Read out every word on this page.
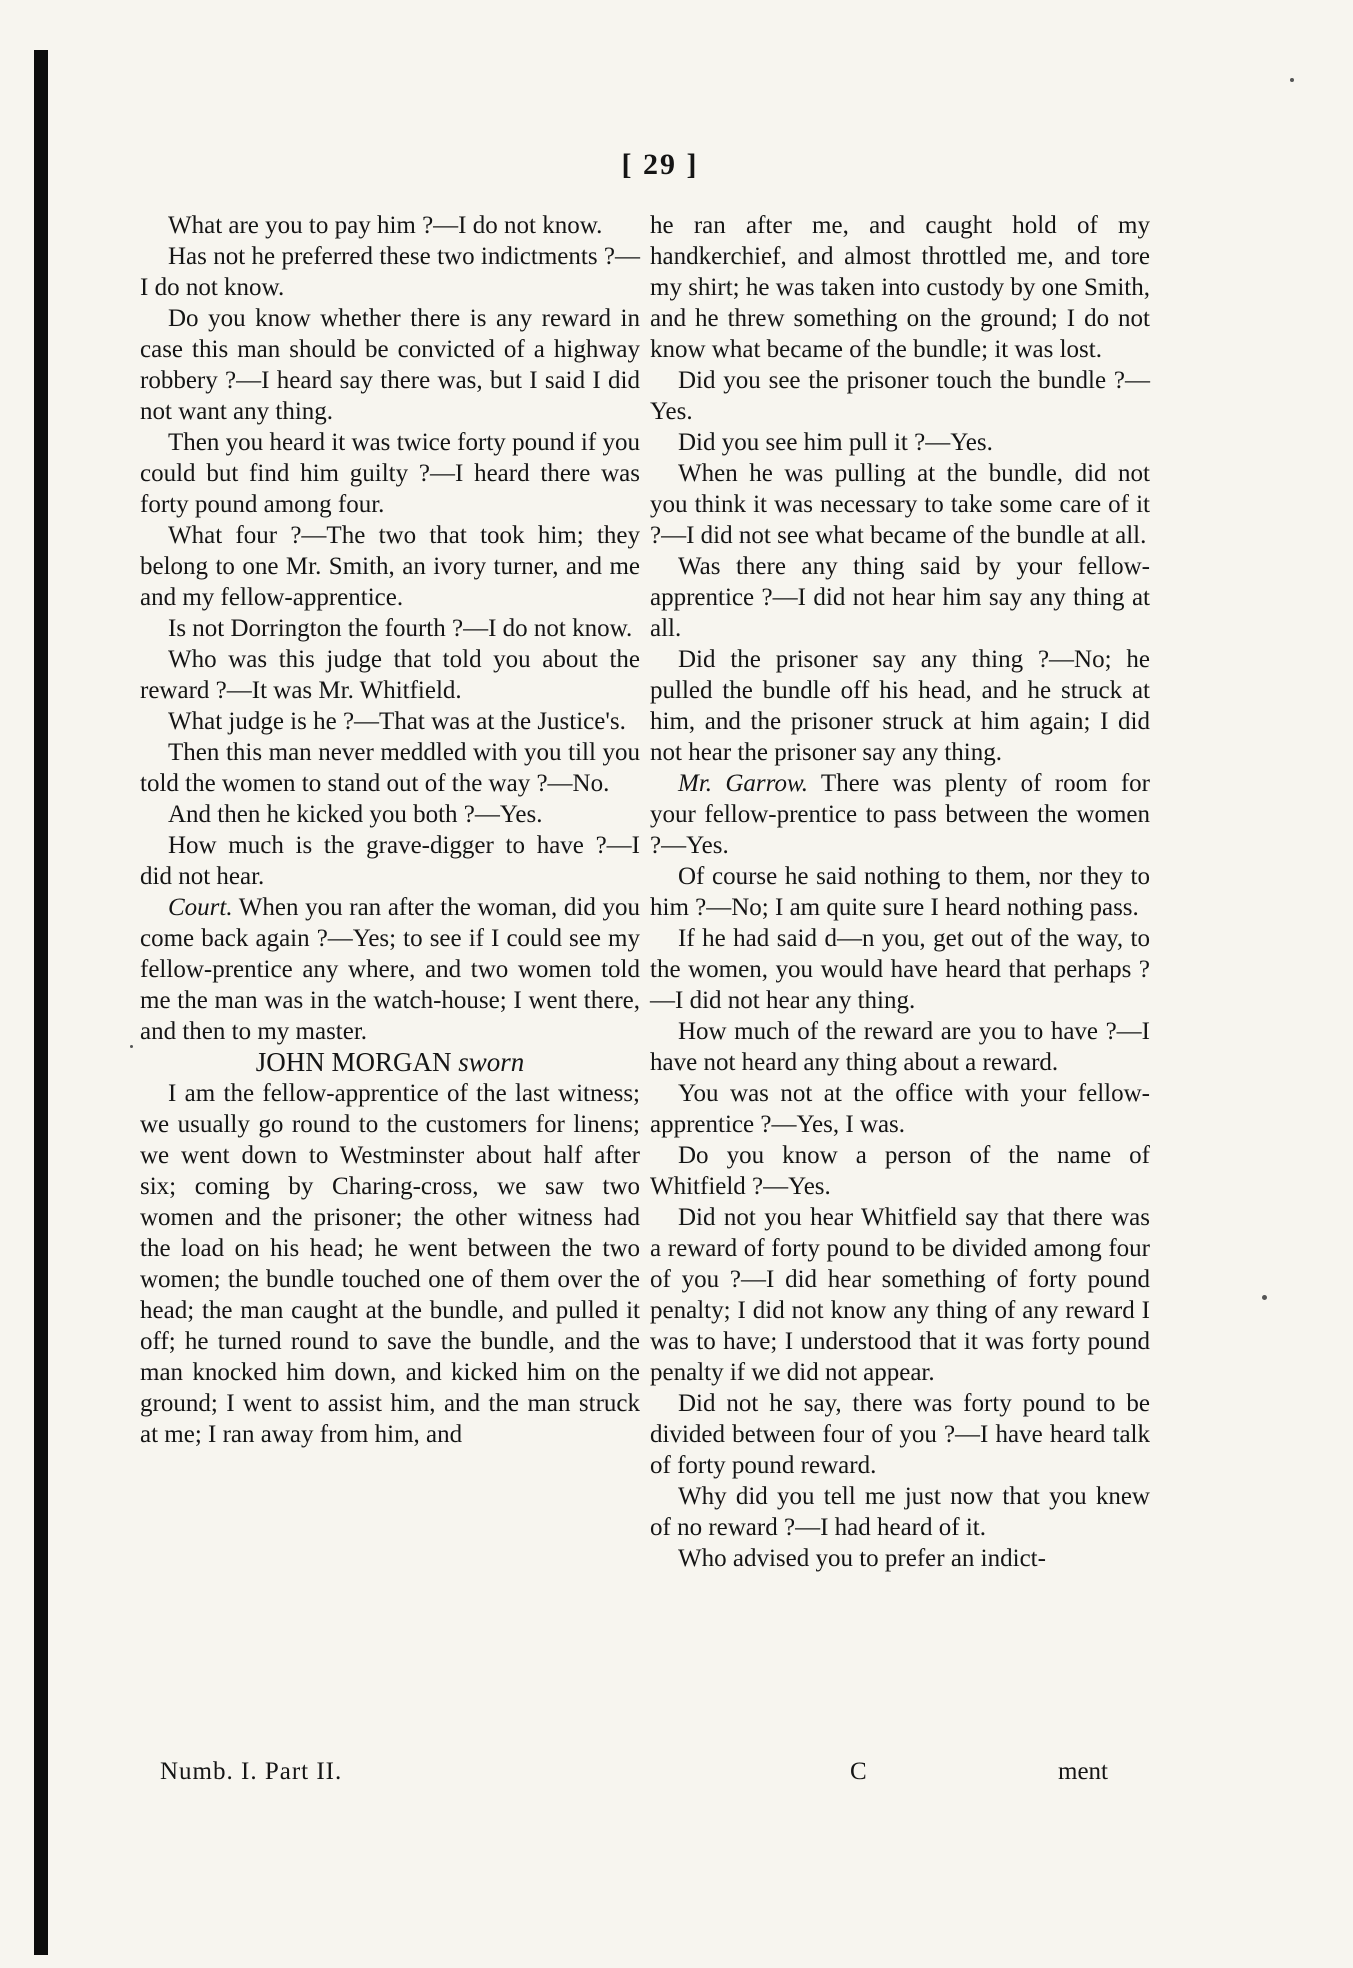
[ 29 ]

What are you to pay him ?—I do not know.

Has not he preferred these two indictments ?—I do not know.

Do you know whether there is any reward in case this man should be convicted of a highway robbery ?—I heard say there was, but I said I did not want any thing.

Then you heard it was twice forty pound if you could but find him guilty ?—I heard there was forty pound among four.

What four ?—The two that took him; they belong to one Mr. Smith, an ivory turner, and me and my fellow-apprentice.

Is not Dorrington the fourth ?—I do not know.

Who was this judge that told you about the reward ?—It was Mr. Whitfield.

What judge is he ?—That was at the Justice's.

Then this man never meddled with you till you told the women to stand out of the way ?—No.

And then he kicked you both ?—Yes.

How much is the grave-digger to have ?—I did not hear.

Court. When you ran after the woman, did you come back again ?—Yes; to see if I could see my fellow-prentice any where, and two women told me the man was in the watch-house; I went there, and then to my master.

JOHN MORGAN sworn

I am the fellow-apprentice of the last witness; we usually go round to the customers for linens; we went down to Westminster about half after six; coming by Charing-cross, we saw two women and the prisoner; the other witness had the load on his head; he went between the two women; the bundle touched one of them over the head; the man caught at the bundle, and pulled it off; he turned round to save the bundle, and the man knocked him down, and kicked him on the ground; I went to assist him, and the man struck at me; I ran away from him, and

he ran after me, and caught hold of my handkerchief, and almost throttled me, and tore my shirt; he was taken into custody by one Smith, and he threw something on the ground; I do not know what became of the bundle; it was lost.

Did you see the prisoner touch the bundle ?—Yes.

Did you see him pull it ?—Yes.

When he was pulling at the bundle, did not you think it was necessary to take some care of it ?—I did not see what became of the bundle at all.

Was there any thing said by your fellow-apprentice ?—I did not hear him say any thing at all.

Did the prisoner say any thing ?—No; he pulled the bundle off his head, and he struck at him, and the prisoner struck at him again; I did not hear the prisoner say any thing.

Mr. Garrow. There was plenty of room for your fellow-prentice to pass between the women ?—Yes.

Of course he said nothing to them, nor they to him ?—No; I am quite sure I heard nothing pass.

If he had said d—n you, get out of the way, to the women, you would have heard that perhaps ?—I did not hear any thing.

How much of the reward are you to have ?—I have not heard any thing about a reward.

You was not at the office with your fellow-apprentice ?—Yes, I was.

Do you know a person of the name of Whitfield ?—Yes.

Did not you hear Whitfield say that there was a reward of forty pound to be divided among four of you ?—I did hear something of forty pound penalty; I did not know any thing of any reward I was to have; I understood that it was forty pound penalty if we did not appear.

Did not he say, there was forty pound to be divided between four of you ?—I have heard talk of forty pound reward.

Why did you tell me just now that you knew of no reward ?—I had heard of it.

Who advised you to prefer an indict-

Numb. I. Part II.	C	ment
